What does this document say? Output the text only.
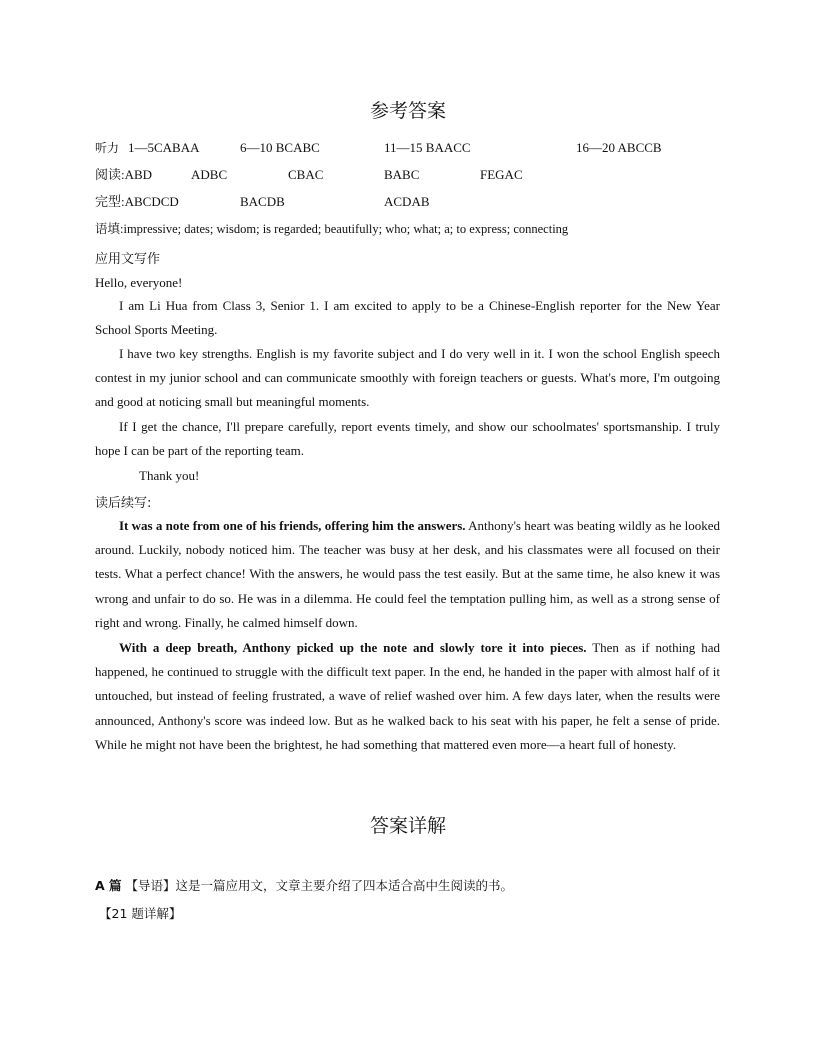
参考答案
听力 1—5CABAA	6—10 BCABC	11—15 BAACC	16—20 ABCCB
阅读:ABD	ADBC	CBAC	BABC	FEGAC
完型:ABCDCD	BACDB	ACDAB
语填:impressive; dates; wisdom; is regarded; beautifully; who; what; a; to express; connecting
应用文写作
Hello, everyone!
I am Li Hua from Class 3, Senior 1. I am excited to apply to be a Chinese-English reporter for the New Year School Sports Meeting.
I have two key strengths. English is my favorite subject and I do very well in it. I won the school English speech contest in my junior school and can communicate smoothly with foreign teachers or guests. What's more, I'm outgoing and good at noticing small but meaningful moments.
If I get the chance, I'll prepare carefully, report events timely, and show our schoolmates' sportsmanship. I truly hope I can be part of the reporting team.
Thank you!
读后续写:
It was a note from one of his friends, offering him the answers. Anthony's heart was beating wildly as he looked around. Luckily, nobody noticed him. The teacher was busy at her desk, and his classmates were all focused on their tests. What a perfect chance! With the answers, he would pass the test easily. But at the same time, he also knew it was wrong and unfair to do so. He was in a dilemma. He could feel the temptation pulling him, as well as a strong sense of right and wrong. Finally, he calmed himself down.
With a deep breath, Anthony picked up the note and slowly tore it into pieces. Then as if nothing had happened, he continued to struggle with the difficult text paper. In the end, he handed in the paper with almost half of it untouched, but instead of feeling frustrated, a wave of relief washed over him. A few days later, when the results were announced, Anthony's score was indeed low. But as he walked back to his seat with his paper, he felt a sense of pride. While he might not have been the brightest, he had something that mattered even more—a heart full of honesty.
答案详解
A 篇 【导语】这是一篇应用文，文章主要介绍了四本适合高中生阅读的书。
【21 题详解】
